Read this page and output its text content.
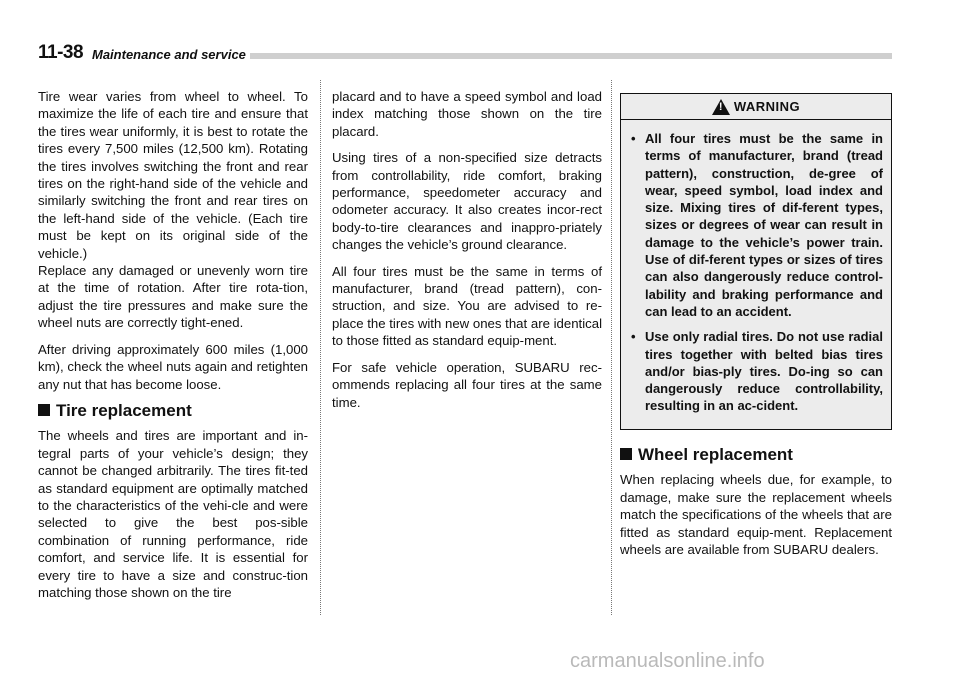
11-38 Maintenance and service

Tire wear varies from wheel to wheel. To maximize the life of each tire and ensure that the tires wear uniformly, it is best to rotate the tires every 7,500 miles (12,500 km). Rotating the tires involves switching the front and rear tires on the right-hand side of the vehicle and similarly switching the front and rear tires on the left-hand side of the vehicle. (Each tire must be kept on its original side of the vehicle.)

Replace any damaged or unevenly worn tire at the time of rotation. After tire rota-tion, adjust the tire pressures and make sure the wheel nuts are correctly tight-ened.

After driving approximately 600 miles (1,000 km), check the wheel nuts again and retighten any nut that has become loose.

Tire replacement

The wheels and tires are important and in-tegral parts of your vehicle’s design; they cannot be changed arbitrarily. The tires fit-ted as standard equipment are optimally matched to the characteristics of the vehi-cle and were selected to give the best pos-sible combination of running performance, ride comfort, and service life. It is essential for every tire to have a size and construc-tion matching those shown on the tire

placard and to have a speed symbol and load index matching those shown on the tire placard.

Using tires of a non-specified size detracts from controllability, ride comfort, braking performance, speedometer accuracy and odometer accuracy. It also creates incor-rect body-to-tire clearances and inappro-priately changes the vehicle’s ground clearance.

All four tires must be the same in terms of manufacturer, brand (tread pattern), con-struction, and size. You are advised to re-place the tires with new ones that are identical to those fitted as standard equip-ment.

For safe vehicle operation, SUBARU rec-ommends replacing all four tires at the same time.

!
WARNING
• All four tires must be the same in terms of manufacturer, brand (tread pattern), construction, de-gree of wear, speed symbol, load index and size. Mixing tires of dif-ferent types, sizes or degrees of wear can result in damage to the vehicle’s power train. Use of dif-ferent types or sizes of tires can also dangerously reduce control-lability and braking performance and can lead to an accident.
• Use only radial tires. Do not use radial tires together with belted bias tires and/or bias-ply tires. Do-ing so can dangerously reduce controllability, resulting in an ac-cident.
Wheel replacement

When replacing wheels due, for example, to damage, make sure the replacement wheels match the specifications of the wheels that are fitted as standard equip-ment. Replacement wheels are available from SUBARU dealers.

carmanualsonline.info
